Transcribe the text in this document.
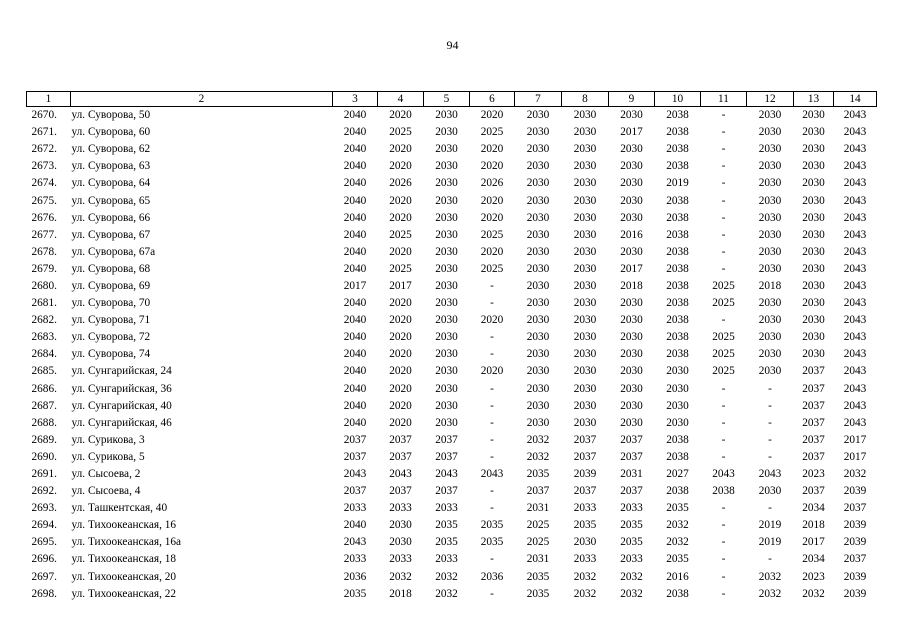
94
1	2	3	4	5	6	7	8	9	10	11	12	13	14
2670.	ул. Суворова, 50	2040	2020	2030	2020	2030	2030	2030	2038	-	2030	2030	2043
2671.	ул. Суворова, 60	2040	2025	2030	2025	2030	2030	2017	2038	-	2030	2030	2043
2672.	ул. Суворова, 62	2040	2020	2030	2020	2030	2030	2030	2038	-	2030	2030	2043
2673.	ул. Суворова, 63	2040	2020	2030	2020	2030	2030	2030	2038	-	2030	2030	2043
2674.	ул. Суворова, 64	2040	2026	2030	2026	2030	2030	2030	2019	-	2030	2030	2043
2675.	ул. Суворова, 65	2040	2020	2030	2020	2030	2030	2030	2038	-	2030	2030	2043
2676.	ул. Суворова, 66	2040	2020	2030	2020	2030	2030	2030	2038	-	2030	2030	2043
2677.	ул. Суворова, 67	2040	2025	2030	2025	2030	2030	2016	2038	-	2030	2030	2043
2678.	ул. Суворова, 67а	2040	2020	2030	2020	2030	2030	2030	2038	-	2030	2030	2043
2679.	ул. Суворова, 68	2040	2025	2030	2025	2030	2030	2017	2038	-	2030	2030	2043
2680.	ул. Суворова, 69	2017	2017	2030	-	2030	2030	2018	2038	2025	2018	2030	2043
2681.	ул. Суворова, 70	2040	2020	2030	-	2030	2030	2030	2038	2025	2030	2030	2043
2682.	ул. Суворова, 71	2040	2020	2030	2020	2030	2030	2030	2038	-	2030	2030	2043
2683.	ул. Суворова, 72	2040	2020	2030	-	2030	2030	2030	2038	2025	2030	2030	2043
2684.	ул. Суворова, 74	2040	2020	2030	-	2030	2030	2030	2038	2025	2030	2030	2043
2685.	ул. Сунгарийская, 24	2040	2020	2030	2020	2030	2030	2030	2030	2025	2030	2037	2043
2686.	ул. Сунгарийская, 36	2040	2020	2030	-	2030	2030	2030	2030	-	-	2037	2043
2687.	ул. Сунгарийская, 40	2040	2020	2030	-	2030	2030	2030	2030	-	-	2037	2043
2688.	ул. Сунгарийская, 46	2040	2020	2030	-	2030	2030	2030	2030	-	-	2037	2043
2689.	ул. Сурикова, 3	2037	2037	2037	-	2032	2037	2037	2038	-	-	2037	2017
2690.	ул. Сурикова, 5	2037	2037	2037	-	2032	2037	2037	2038	-	-	2037	2017
2691.	ул. Сысоева, 2	2043	2043	2043	2043	2035	2039	2031	2027	2043	2043	2023	2032
2692.	ул. Сысоева, 4	2037	2037	2037	-	2037	2037	2037	2038	2038	2030	2037	2039
2693.	ул. Ташкентская, 40	2033	2033	2033	-	2031	2033	2033	2035	-	-	2034	2037
2694.	ул. Тихоокеанская, 16	2040	2030	2035	2035	2025	2035	2035	2032	-	2019	2018	2039
2695.	ул. Тихоокеанская, 16а	2043	2030	2035	2035	2025	2030	2035	2032	-	2019	2017	2039
2696.	ул. Тихоокеанская, 18	2033	2033	2033	-	2031	2033	2033	2035	-	-	2034	2037
2697.	ул. Тихоокеанская, 20	2036	2032	2032	2036	2035	2032	2032	2016	-	2032	2023	2039
2698.	ул. Тихоокеанская, 22	2035	2018	2032	-	2035	2032	2032	2038	-	2032	2032	2039
